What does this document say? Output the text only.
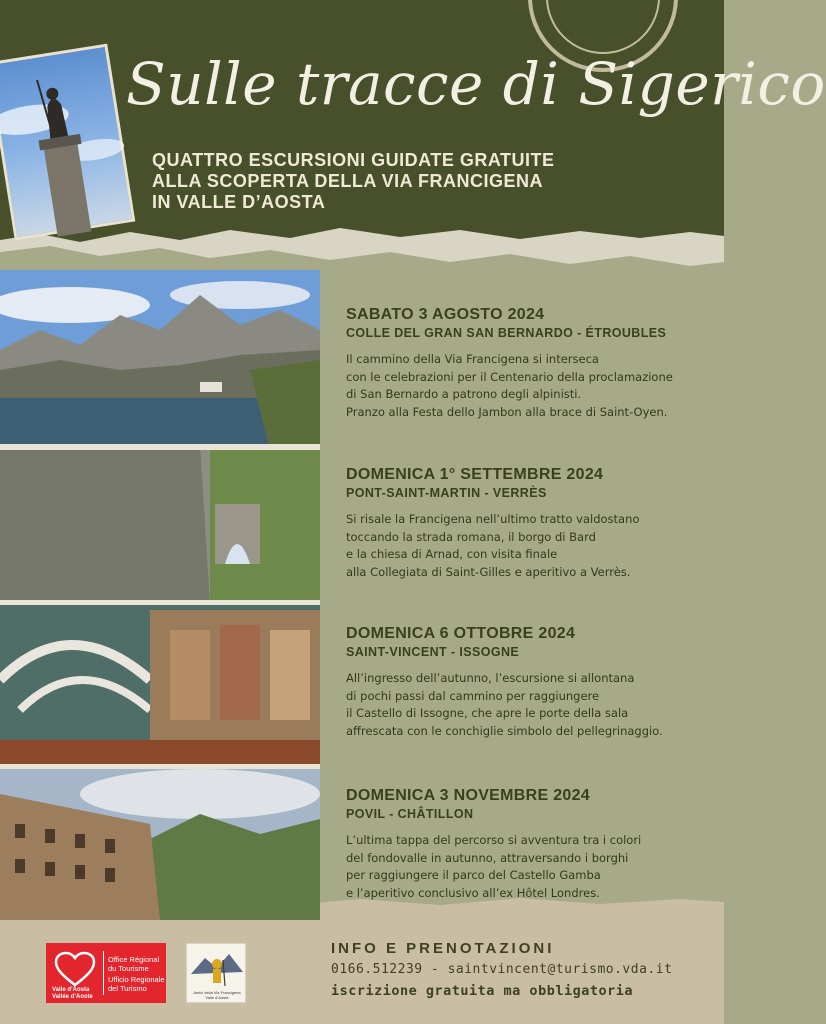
Sulle tracce di Sigerico
QUATTRO ESCURSIONI GUIDATE GRATUITE
ALLA SCOPERTA DELLA VIA FRANCIGENA
IN VALLE D’AOSTA
SABATO 3 AGOSTO 2024
COLLE DEL GRAN SAN BERNARDO - ÉTROUBLES
Il cammino della Via Francigena si interseca
con le celebrazioni per il Centenario della proclamazione
di San Bernardo a patrono degli alpinisti.
Pranzo alla Festa dello Jambon alla brace di Saint-Oyen.
DOMENICA 1° SETTEMBRE 2024
PONT-SAINT-MARTIN - VERRÈS
Si risale la Francigena nell’ultimo tratto valdostano
toccando la strada romana, il borgo di Bard
e la chiesa di Arnad, con visita finale
alla Collegiata di Saint-Gilles e aperitivo a Verrès.
DOMENICA 6 OTTOBRE 2024
SAINT-VINCENT - ISSOGNE
All’ingresso dell’autunno, l’escursione si allontana
di pochi passi dal cammino per raggiungere
il Castello di Issogne, che apre le porte della sala
affrescata con le conchiglie simbolo del pellegrinaggio.
DOMENICA 3 NOVEMBRE 2024
POVIL - CHÂTILLON
L’ultima tappa del percorso si avventura tra i colori
del fondovalle in autunno, attraversando i borghi
per raggiungere il parco del Castello Gamba
e l’aperitivo conclusivo all’ex Hôtel Londres.
Valle d’Aosta
Vallée d’Aoste
Office Régional
du Tourisme
Ufficio Regionale
del Turismo	Amici della Via Francigena Valle d’Aosta
INFO E PRENOTAZIONI
0166.512239 - saintvincent@turismo.vda.it
iscrizione gratuita ma obbligatoria
